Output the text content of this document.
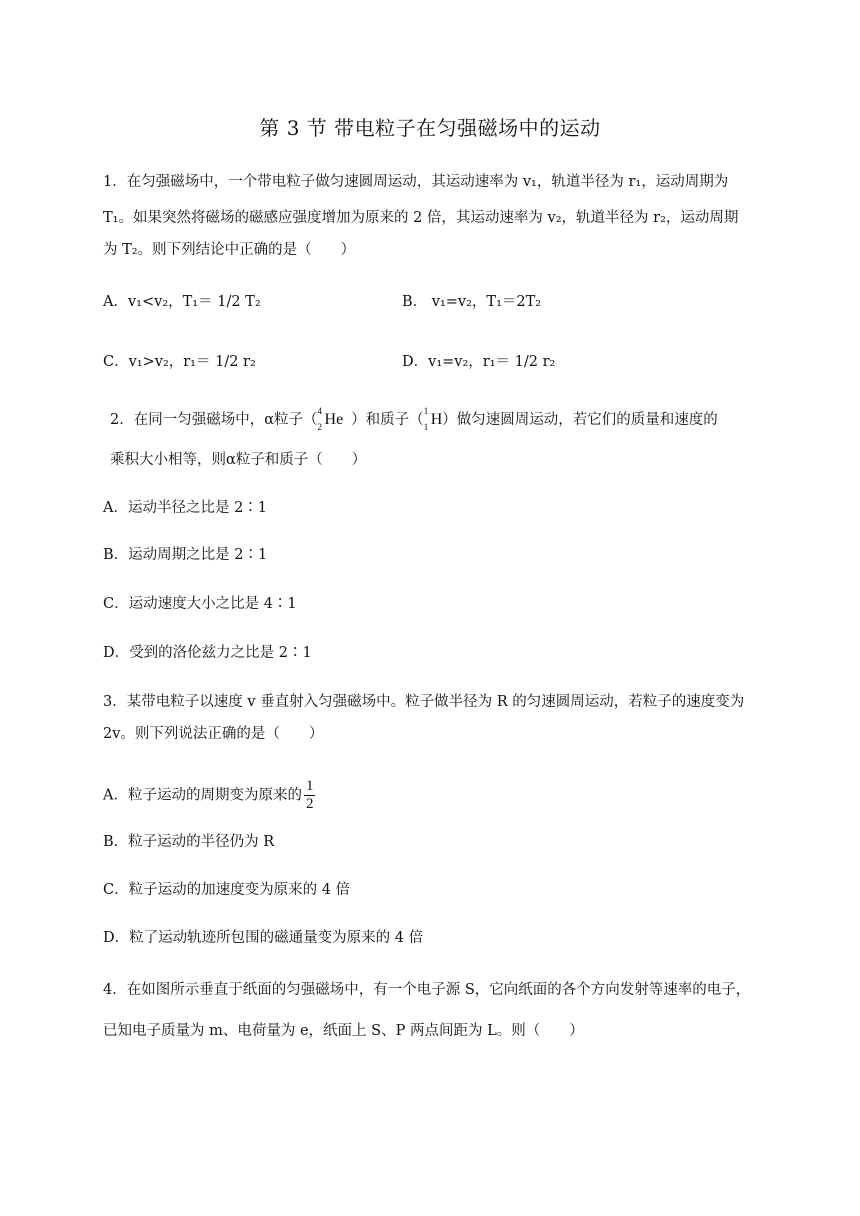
第 3 节 带电粒子在匀强磁场中的运动
1．在匀强磁场中，一个带电粒子做匀速圆周运动，其运动速率为 v₁，轨道半径为 r₁，运动周期为
T₁。如果突然将磁场的磁感应强度增加为原来的 2 倍，其运动速率为 v₂，轨道半径为 r₂，运动周期
为 T₂。则下列结论中正确的是（　　）
A．v₁<v₂，T₁＝ 1/2 T₂	B． v₁=v₂，T₁＝2T₂
C．v₁>v₂，r₁＝ 1/2 r₂	D．v₁=v₂，r₁＝ 1/2 r₂
2．在同一匀强磁场中，α粒子（
4
2 He ）和质子（
1
1 H）做匀速圆周运动，若它们的质量和速度的
乘积大小相等，则α粒子和质子（　　）
A．运动半径之比是 2∶1
B．运动周期之比是 2∶1
C．运动速度大小之比是 4∶1
D．受到的洛伦兹力之比是 2∶1
3．某带电粒子以速度 v 垂直射入匀强磁场中。粒子做半径为 R 的匀速圆周运动，若粒子的速度变为
2v。则下列说法正确的是（　　）
A．粒子运动的周期变为原来的 $\frac{1}{2}$
B．粒子运动的半径仍为 R
C．粒子运动的加速度变为原来的 4 倍
D．粒了运动轨迹所包围的磁通量变为原来的 4 倍
4．在如图所示垂直于纸面的匀强磁场中，有一个电子源 S，它向纸面的各个方向发射等速率的电子，
已知电子质量为 m、电荷量为 e，纸面上 S、P 两点间距为 L。则（　　）
